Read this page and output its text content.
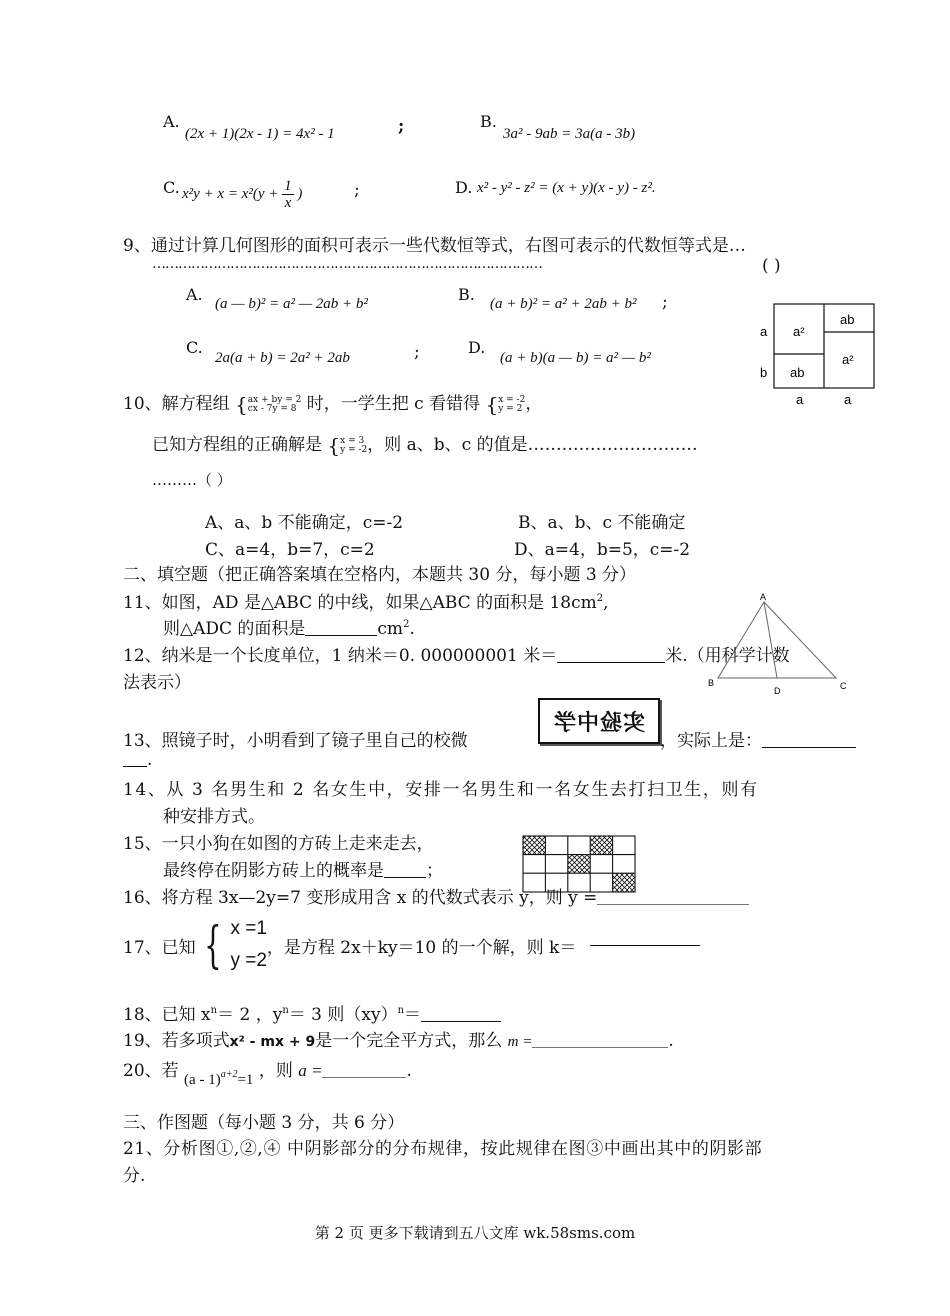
A.
(2x + 1)(2x - 1) = 4x² - 1	;	B.
3a² - 9ab = 3a(a - 3b)
C. $x^2y + x = x^2(y + \frac{1}{x}$ )	;	D. x² - y² - z² = (x + y)(x - y) - z².
9、通过计算几何图形的面积可表示一些代数恒等式，右图可表示的代数恒等式是…
………………………………………………………………………………	( )
A. (a — b)² = a² — 2ab + b²	B. (a + b)² = a² + 2ab + b² ;
C.
2a(a + b) = 2a² + 2ab	;	D.
(a + b)(a — b) = a² — b²
a²
ab
ab
a²
a
b
a	a
10、解方程组 { ax + by = 2
cx - 7y = 8 时，一学生把 c 看错得 { x = -2
y = 2 ，
已知方程组的正确解是 { x = 3
y = -2 ，则 a、b、c 的值是…………………………
………（ ）
A、a、b 不能确定，c=-2	B、a、b、c 不能确定
C、a=4，b=7，c=2	D、a=4，b=5，c=-2
二、填空题（把正确答案填在空格内，本题共 30 分，每小题 3 分）
11、如图，AD 是△ABC 的中线，如果△ABC 的面积是 $18cm^2$,
则△ADC 的面积是	$cm^2$.
A
B	C
D
12、纳米是一个长度单位，1 纳米＝0. 000000001 米＝	米.（用科学计数
法表示）
13、照镜子时，小明看到了镜子里自己的校微
实验中学
，实际上是：
.
14、从 3 名男生和 2 名女生中，安排一名男生和一名女生去打扫卫生，则有
种安排方式。
15、一只小狗在如图的方砖上走来走去，
最终停在阴影方砖上的概率是 ；
16、将方程 3x—2y=7 变形成用含 x 的代数式表示 y，则 y =
17、已知 { x =1
y =2
，是方程 2x＋ky＝10 的一个解，则 k＝
18、已知 $x^n= 2$ ，$y^n= 3$ 则（xy）$^n$＝
19、若多项式x² - mx + 9是一个完全平方式，那么 m =	.
20、若 (a - 1)$^{a+2}$=1 ，则 a =	.
三、作图题（每小题 3 分，共 6 分）
21、分析图①,②,④ 中阴影部分的分布规律，按此规律在图③中画出其中的阴影部
分.
第 2 页 更多下载请到五八文库 wk.58sms.com
